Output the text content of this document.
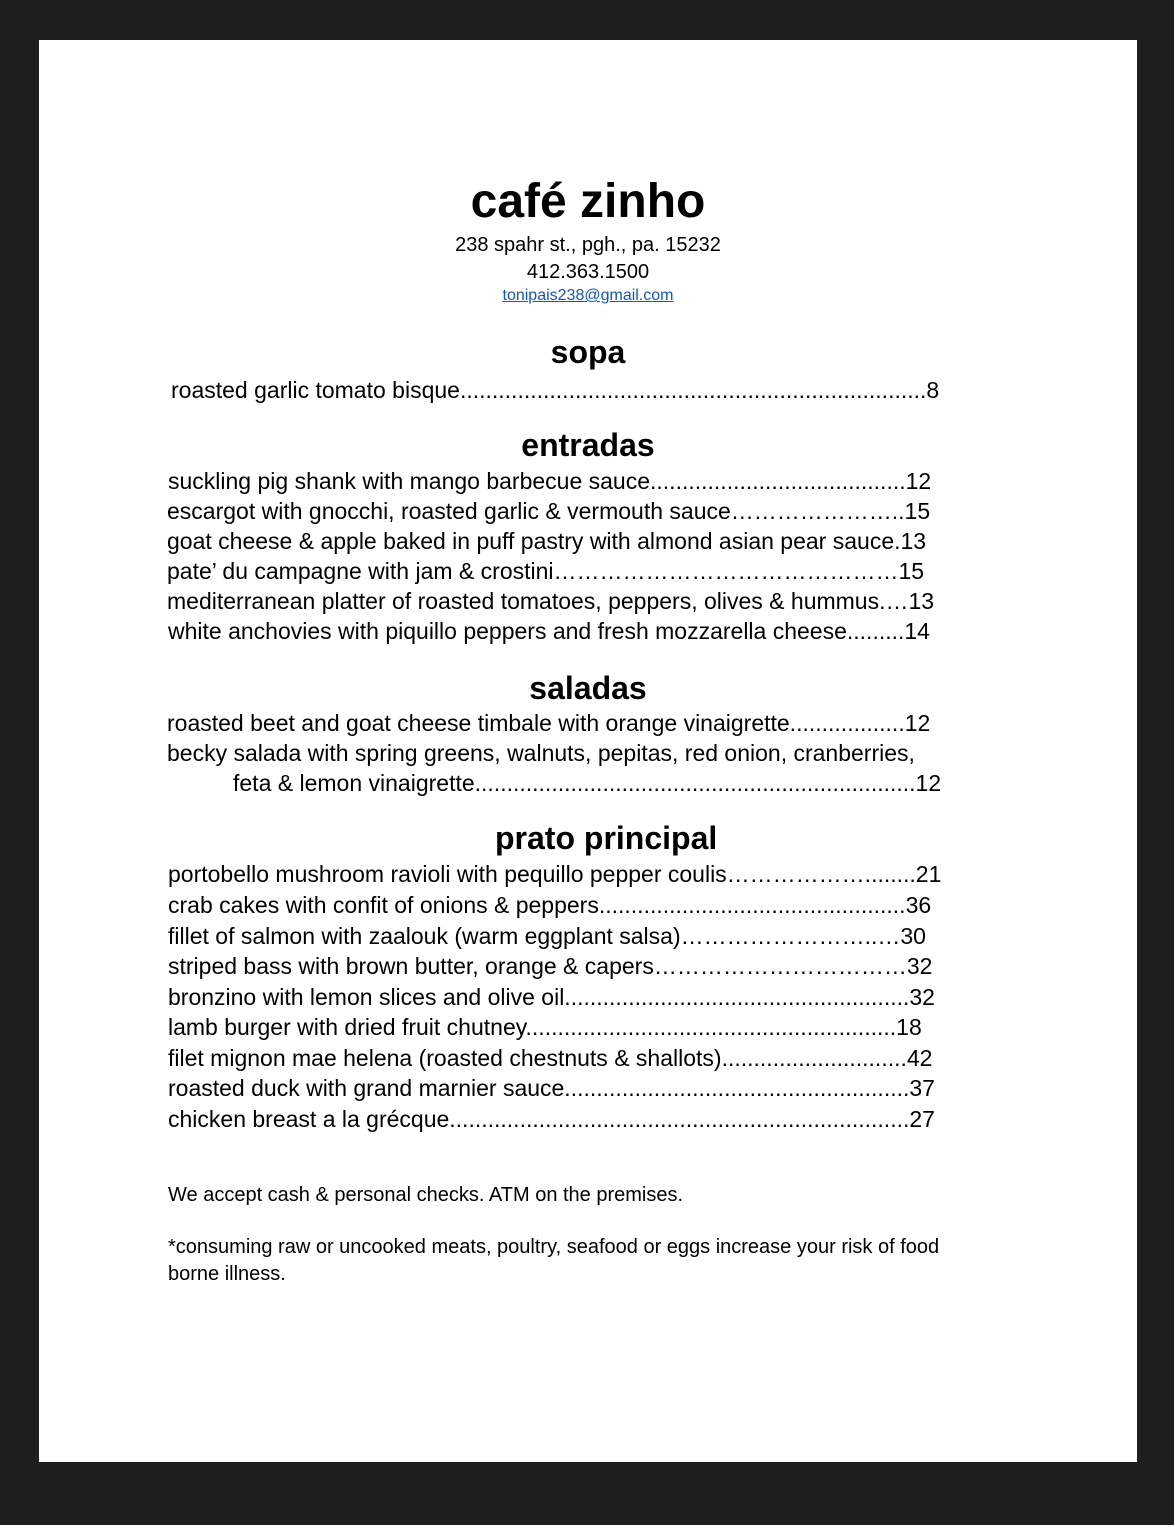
café zinho
238 spahr st., pgh., pa. 15232
412.363.1500
tonipais238@gmail.com
sopa
roasted garlic tomato bisque.........................................................................8
entradas
suckling pig shank with mango barbecue sauce........................................12
escargot with gnocchi, roasted garlic & vermouth sauce…………………..15
goat cheese & apple baked in puff pastry with almond asian pear sauce.13
pate’ du campagne with jam & crostini………………………………………15
mediterranean platter of roasted tomatoes, peppers, olives & hummus.…13
white anchovies with piquillo peppers and fresh mozzarella cheese.........14
saladas
roasted beet and goat cheese timbale with orange vinaigrette..................12
becky salada with spring greens, walnuts, pepitas, red onion, cranberries,
feta & lemon vinaigrette.....................................................................12
prato principal
portobello mushroom ravioli with pequillo pepper coulis………………........21
crab cakes with confit of onions & peppers................................................36
fillet of salmon with zaalouk (warm eggplant salsa)……………………..…30
striped bass with brown butter, orange & capers……………………………32
bronzino with lemon slices and olive oil......................................................32
lamb burger with dried fruit chutney..........................................................18
filet mignon mae helena (roasted chestnuts & shallots).............................42
roasted duck with grand marnier sauce......................................................37
chicken breast a la grécque........................................................................27
We accept cash & personal checks. ATM on the premises.
*consuming raw or uncooked meats, poultry, seafood or eggs increase your risk of food
borne illness.
